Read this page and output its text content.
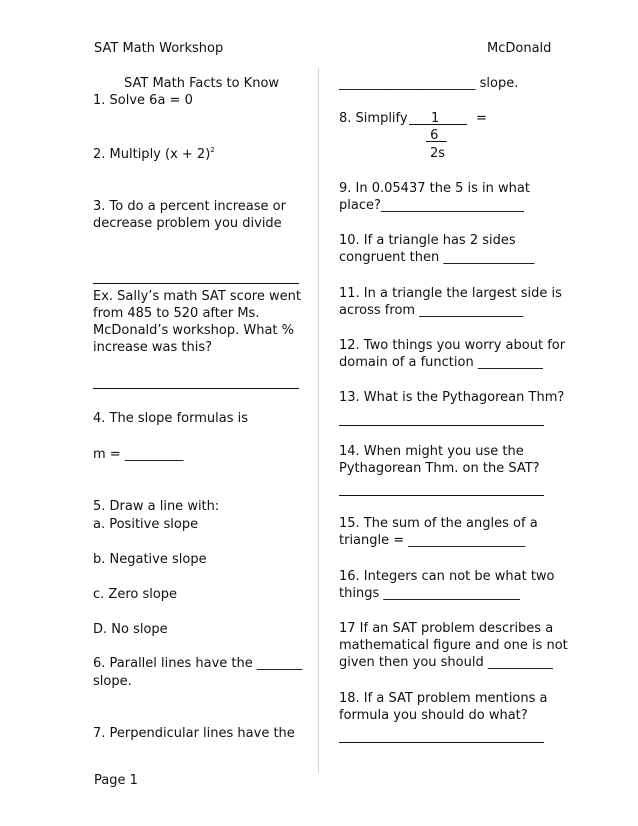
SAT Math Workshop	McDonald
SAT Math Facts to Know
1. Solve 6a = 0
2. Multiply $(x + 2)^2$
3. To do a percent increase or
decrease problem you divide
Ex. Sally’s math SAT score went
from 485 to 520 after Ms.
McDonald’s workshop. What %
increase was this?
4. The slope formulas is
m = _________
5. Draw a line with:
a. Positive slope
b. Negative slope
c. Zero slope
D. No slope
6. Parallel lines have the _______
slope.
7. Perpendicular lines have the
_____________________ slope.
8. Simplify 1	=
6
2s
9. In 0.05437 the 5 is in what
place?______________________
10. If a triangle has 2 sides
congruent then ______________
11. In a triangle the largest side is
across from ________________
12. Two things you worry about for
domain of a function __________
13. What is the Pythagorean Thm?
14. When might you use the
Pythagorean Thm. on the SAT?
15. The sum of the angles of a
triangle = __________________
16. Integers can not be what two
things _____________________
17 If an SAT problem describes a
mathematical figure and one is not
given then you should __________
18. If a SAT problem mentions a
formula you should do what?
Page 1
